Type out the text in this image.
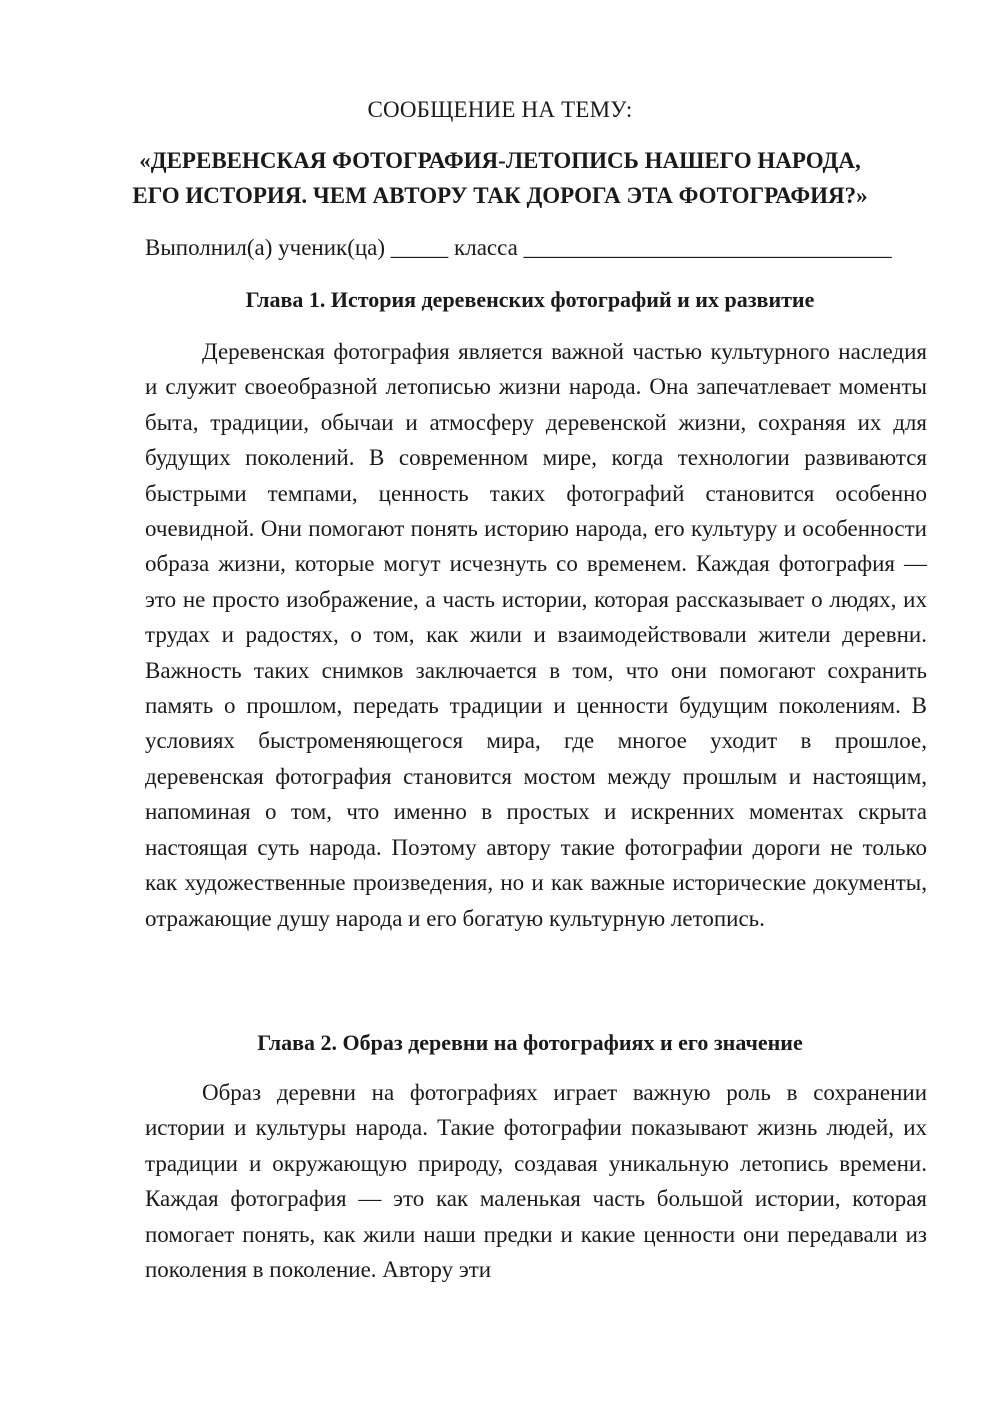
СООБЩЕНИЕ НА ТЕМУ:

«ДЕРЕВЕНСКАЯ ФОТОГРАФИЯ-ЛЕТОПИСЬ НАШЕГО НАРОДА,

ЕГО ИСТОРИЯ. ЧЕМ АВТОРУ ТАК ДОРОГА ЭТА ФОТОГРАФИЯ?»

Выполнил(а) ученик(ца) _____ класса ________________________________

Глава 1. История деревенских фотографий и их развитие

Деревенская фотография является важной частью культурного наследия и служит своеобразной летописью жизни народа. Она запечатлевает моменты быта, традиции, обычаи и атмосферу деревенской жизни, сохраняя их для будущих поколений. В современном мире, когда технологии развиваются быстрыми темпами, ценность таких фотографий становится особенно очевидной. Они помогают понять историю народа, его культуру и особенности образа жизни, которые могут исчезнуть со временем. Каждая фотография — это не просто изображение, а часть истории, которая рассказывает о людях, их трудах и радостях, о том, как жили и взаимодействовали жители деревни. Важность таких снимков заключается в том, что они помогают сохранить память о прошлом, передать традиции и ценности будущим поколениям. В условиях быстроменяющегося мира, где многое уходит в прошлое, деревенская фотография становится мостом между прошлым и настоящим, напоминая о том, что именно в простых и искренних моментах скрыта настоящая суть народа. Поэтому автору такие фотографии дороги не только как художественные произведения, но и как важные исторические документы, отражающие душу народа и его богатую культурную летопись.

Глава 2. Образ деревни на фотографиях и его значение

Образ деревни на фотографиях играет важную роль в сохранении истории и культуры народа. Такие фотографии показывают жизнь людей, их традиции и окружающую природу, создавая уникальную летопись времени. Каждая фотография — это как маленькая часть большой истории, которая помогает понять, как жили наши предки и какие ценности они передавали из поколения в поколение. Автору эти
